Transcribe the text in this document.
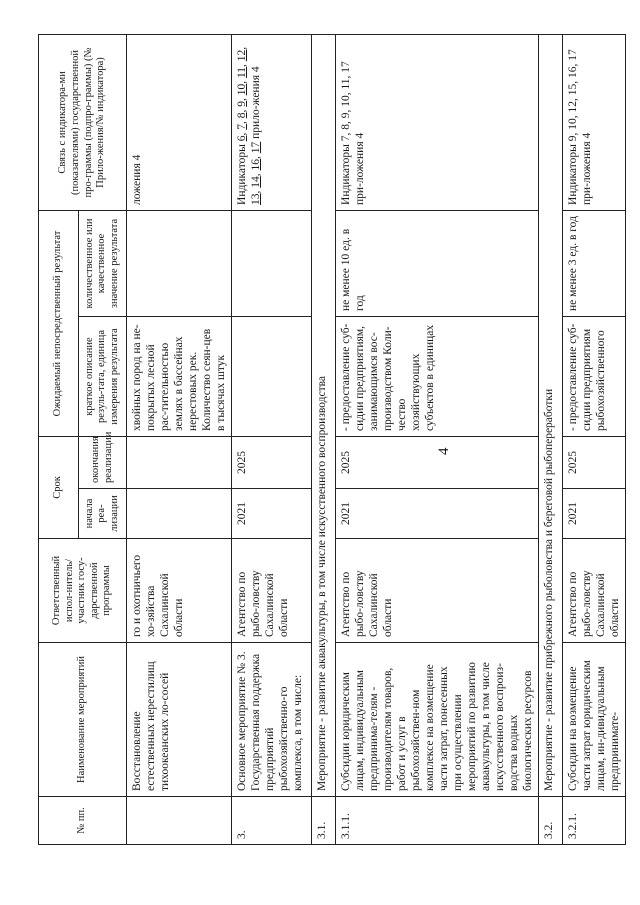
4
№ пп.	Наименование мероприятий	Ответственный испол-нитель/участник госу-дарственной программы	Срок		Ожидаемый непосредственный результат		Связь с индикатора-ми (показателями) государственной про-граммы (подпро-граммы) (№ Прило-жения/№ индикатора)
			начала реа-лизации	окончания реализации	краткое описание резуль-тата, единица измерения результата	количественное или качественное значение результата	
	Восстановление естественных нерестилищ тихоокеанских ло-сосей	го и охотничьего хо-зяйства Сахалинской области			хвойных пород на не-покрытых лесной рас-тительностью землях в бассейнах нерестовых рек. Количество сеян-цев в тысячах штук		ложения 4
3.	Основное мероприятие № 3. Государственная поддержка предприятий рыбохозяйственно-го комплекса, в том числе:	Агентство по рыбо-ловству Сахалинской области	2021	2025			Индикаторы 6, 7, 8, 9, 10, 11, 12, 13, 14, 16, 17 прило-жения 4
3.1.	Мероприятие - развитие аквакультуры, в том числе искусственного воспроизводства						
3.1.1.	Субсидии юридическим лицам, индивидуальным предпринима-телям - производителям товаров, работ и услуг в рыбохозяйствен-ном комплексе на возмещение части затрат, понесенных при осуществлении мероприятий по развитию аквакультуры, в том числе искусственного воспроиз-водства водных биологических ресурсов	Агентство по рыбо-ловству Сахалинской области	2021	2025	- предоставление суб-сидии предприятиям, занимающимся вос-производством Коли-чество хозяйствующих субъектов в единицах	не менее 10 ед. в год	Индикаторы 7, 8, 9, 10, 11, 17 при-ложения 4
3.2.	Мероприятие - развитие прибрежного рыболовства и береговой рыбопереработки						
3.2.1.	Субсидии на возмещение части затрат юридическим лицам, ин-дивидуальным предпринимате-	Агентство по рыбо-ловству Сахалинской области	2021	2025	- предоставление суб-сидии предприятиям рыбохозяйственного	не менее 3 ед. в год	Индикаторы 9, 10, 12, 15, 16, 17 при-ложения 4
